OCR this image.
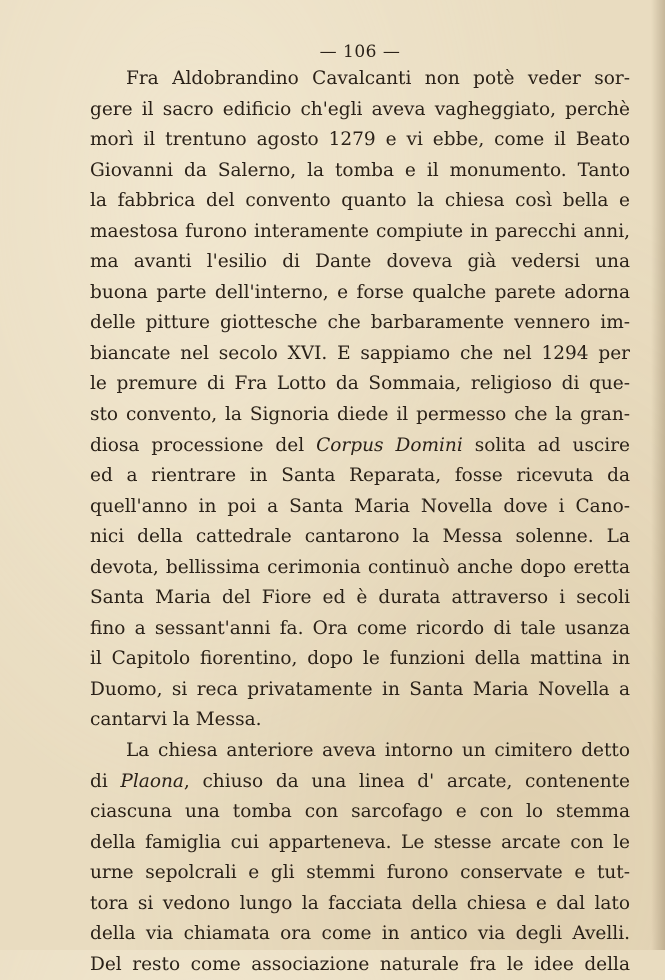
— 106 —
Fra Aldobrandino Cavalcanti non potè veder sor-
gere il sacro edificio ch'egli aveva vagheggiato, perchè
morì il trentuno agosto 1279 e vi ebbe, come il Beato
Giovanni da Salerno, la tomba e il monumento. Tanto
la fabbrica del convento quanto la chiesa così bella e
maestosa furono interamente compiute in parecchi anni,
ma avanti l'esilio di Dante doveva già vedersi una
buona parte dell'interno, e forse qualche parete adorna
delle pitture giottesche che barbaramente vennero im-
biancate nel secolo XVI. E sappiamo che nel 1294 per
le premure di Fra Lotto da Sommaia, religioso di que-
sto convento, la Signoria diede il permesso che la gran-
diosa processione del Corpus Domini solita ad uscire
ed a rientrare in Santa Reparata, fosse ricevuta da
quell'anno in poi a Santa Maria Novella dove i Cano-
nici della cattedrale cantarono la Messa solenne. La
devota, bellissima cerimonia continuò anche dopo eretta
Santa Maria del Fiore ed è durata attraverso i secoli
fino a sessant'anni fa. Ora come ricordo di tale usanza
il Capitolo fiorentino, dopo le funzioni della mattina in
Duomo, si reca privatamente in Santa Maria Novella a
cantarvi la Messa.
La chiesa anteriore aveva intorno un cimitero detto
di Plaona, chiuso da una linea d' arcate, contenente
ciascuna una tomba con sarcofago e con lo stemma
della famiglia cui apparteneva. Le stesse arcate con le
urne sepolcrali e gli stemmi furono conservate e tut-
tora si vedono lungo la facciata della chiesa e dal lato
della via chiamata ora come in antico via degli Avelli.
Del resto come associazione naturale fra le idee della
